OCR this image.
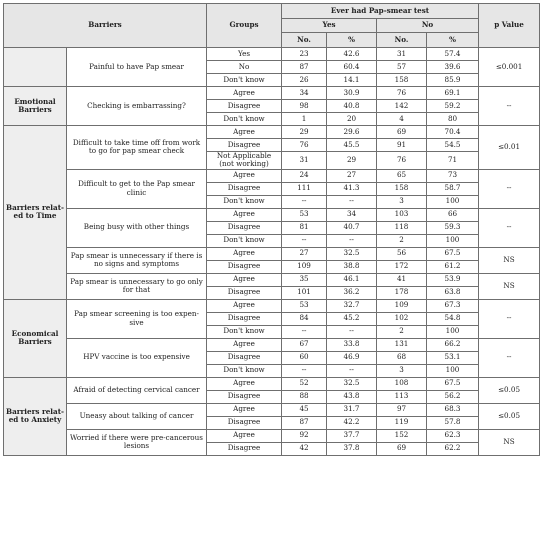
Barriers		Groups	Ever had Pap-smear test				p Value
			Yes		No		
			No.	%	No.	%	
	Painful to have Pap smear	Yes	23	42.6	31	57.4	≤0.001
		No	87	60.4	57	39.6	
		Don't know	26	14.1	158	85.9	
Emotional Barriers	Checking is embarrassing?	Agree	34	30.9	76	69.1	--
		Disagree	98	40.8	142	59.2	
		Don't know	1	20	4	80	
Barriers relat-ed to Time	Difficult to take time off from work to go for pap smear check	Agree	29	29.6	69	70.4	≤0.01
		Disagree	76	45.5	91	54.5	
		Not Applicable (not working)	31	29	76	71	
	Difficult to get to the Pap smear clinic	Agree	24	27	65	73	--
		Disagree	111	41.3	158	58.7	
		Don't know	--	--	3	100	
	Being busy with other things	Agree	53	34	103	66	--
		Disagree	81	40.7	118	59.3	
		Don't know	--	--	2	100	
	Pap smear is unnecessary if there is no signs and symptoms	Agree	27	32.5	56	67.5	NS
		Disagree	109	38.8	172	61.2	
	Pap smear is unnecessary to go only for that	Agree	35	46.1	41	53.9	NS
		Disagree	101	36.2	178	63.8	
Economical Barriers	Pap smear screening is too expen-sive	Agree	53	32.7	109	67.3	--
		Disagree	84	45.2	102	54.8	
		Don't know	--	--	2	100	
	HPV vaccine is too expensive	Agree	67	33.8	131	66.2	--
		Disagree	60	46.9	68	53.1	
		Don't know	--	--	3	100	
Barriers relat-ed to Anxiety	Afraid of detecting cervical cancer	Agree	52	32.5	108	67.5	≤0.05
		Disagree	88	43.8	113	56.2	
	Uneasy about talking of cancer	Agree	45	31.7	97	68.3	≤0.05
		Disagree	87	42.2	119	57.8	
	Worried if there were pre-cancerous lesions	Agree	92	37.7	152	62.3	NS
		Disagree	42	37.8	69	62.2	
